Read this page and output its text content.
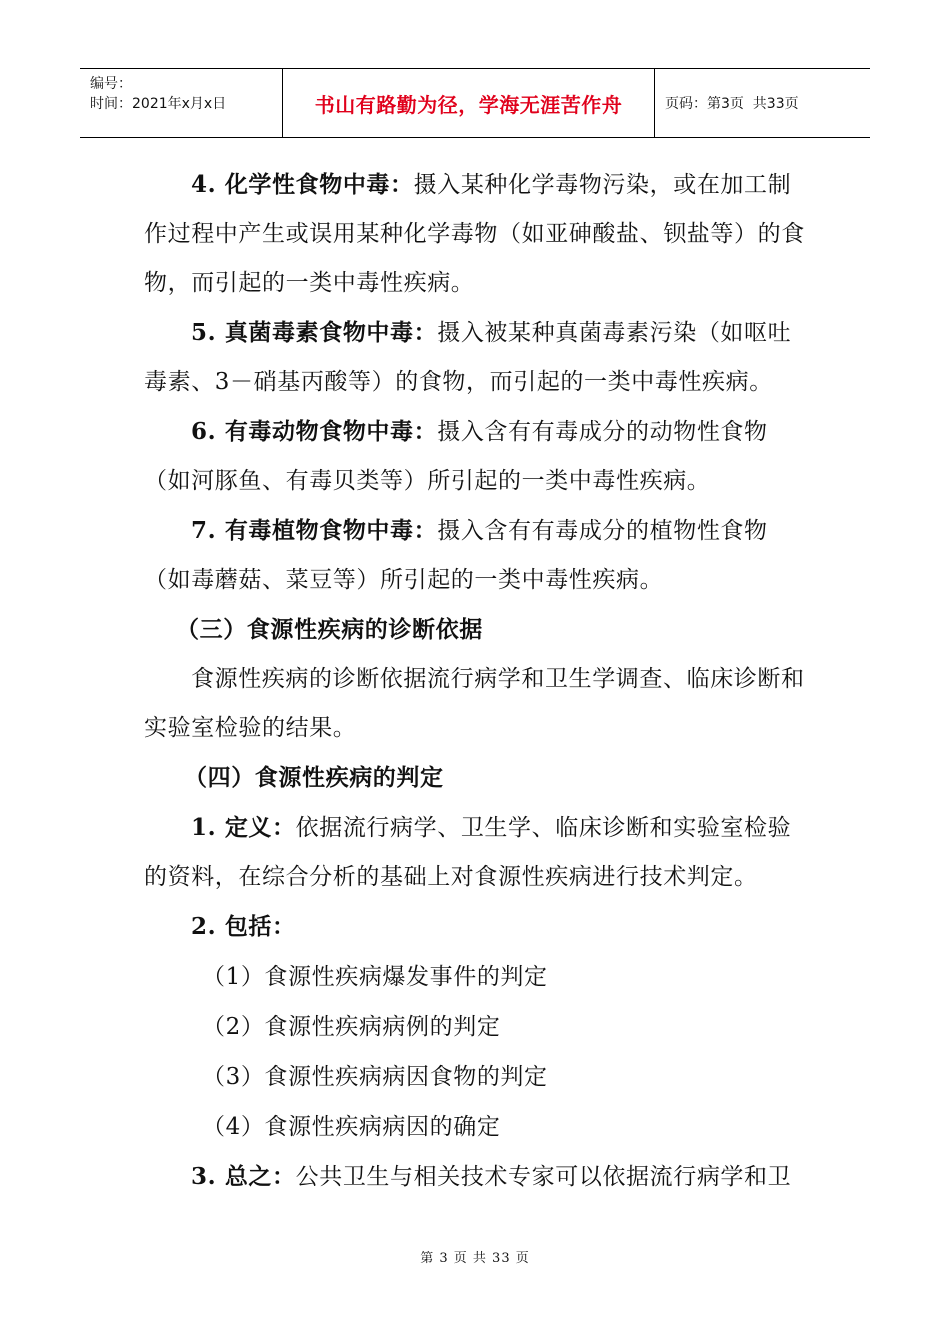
编号：
时间：2021年x月x日	书山有路勤为径，学海无涯苦作舟	页码：第3页  共33页

4. 化学性食物中毒：摄入某种化学毒物污染，或在加工制作过程中产生或误用某种化学毒物（如亚砷酸盐、钡盐等）的食物，而引起的一类中毒性疾病。

5. 真菌毒素食物中毒：摄入被某种真菌毒素污染（如呕吐毒素、3－硝基丙酸等）的食物，而引起的一类中毒性疾病。

6. 有毒动物食物中毒：摄入含有有毒成分的动物性食物（如河豚鱼、有毒贝类等）所引起的一类中毒性疾病。

7. 有毒植物食物中毒：摄入含有有毒成分的植物性食物（如毒蘑菇、菜豆等）所引起的一类中毒性疾病。

（三）食源性疾病的诊断依据

食源性疾病的诊断依据流行病学和卫生学调查、临床诊断和实验室检验的结果。

（四）食源性疾病的判定

1. 定义：依据流行病学、卫生学、临床诊断和实验室检验的资料，在综合分析的基础上对食源性疾病进行技术判定。

2. 包括：

（1）食源性疾病爆发事件的判定

（2）食源性疾病病例的判定

（3）食源性疾病病因食物的判定

（4）食源性疾病病因的确定

3. 总之：公共卫生与相关技术专家可以依据流行病学和卫

第 3 页 共 33 页
